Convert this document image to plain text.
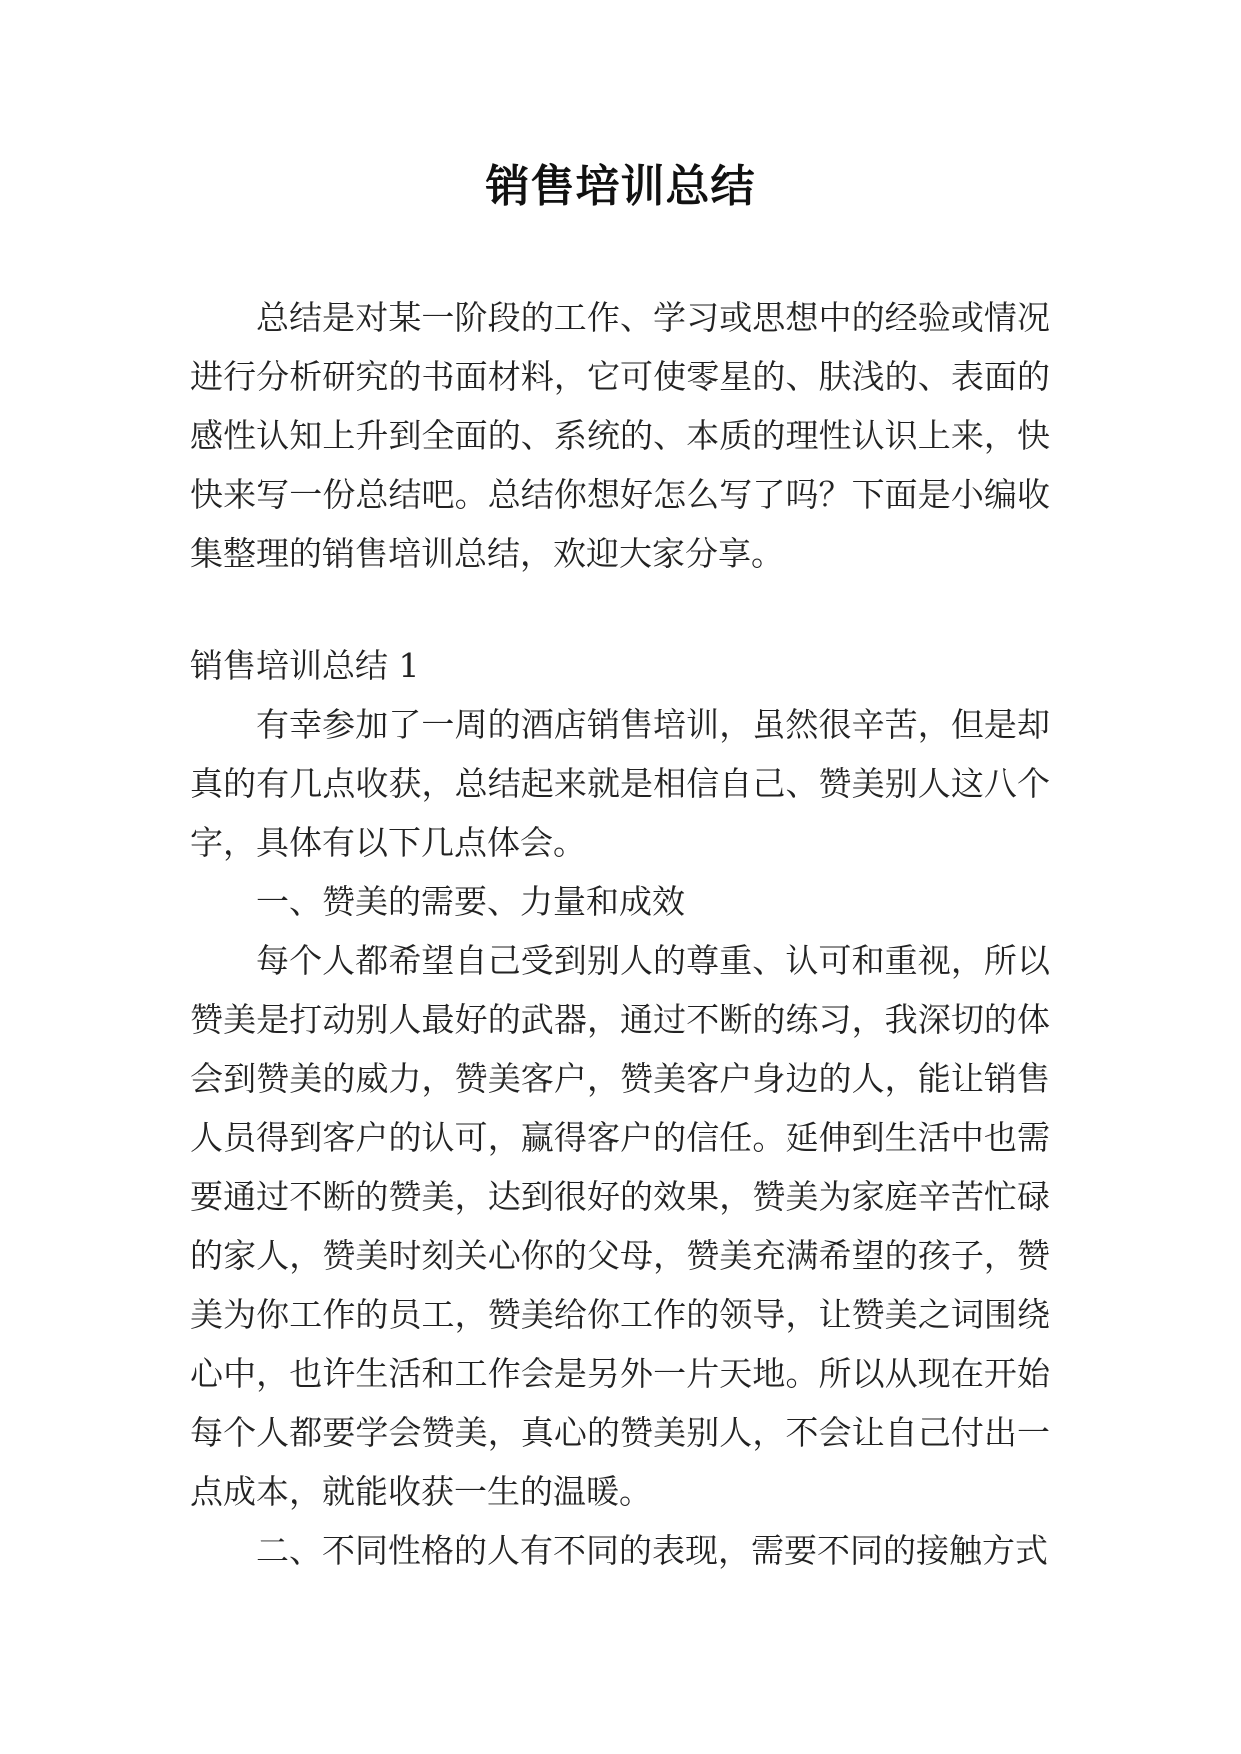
销售培训总结

总结是对某一阶段的工作、学习或思想中的经验或情况进行分析研究的书面材料，它可使零星的、肤浅的、表面的感性认知上升到全面的、系统的、本质的理性认识上来，快快来写一份总结吧。总结你想好怎么写了吗？下面是小编收集整理的销售培训总结，欢迎大家分享。

销售培训总结 1

有幸参加了一周的酒店销售培训，虽然很辛苦，但是却真的有几点收获，总结起来就是相信自己、赞美别人这八个字，具体有以下几点体会。

一、赞美的需要、力量和成效

每个人都希望自己受到别人的尊重、认可和重视，所以赞美是打动别人最好的武器，通过不断的练习，我深切的体会到赞美的威力，赞美客户，赞美客户身边的人，能让销售人员得到客户的认可，赢得客户的信任。延伸到生活中也需要通过不断的赞美，达到很好的效果，赞美为家庭辛苦忙碌的家人，赞美时刻关心你的父母，赞美充满希望的孩子，赞美为你工作的员工，赞美给你工作的领导，让赞美之词围绕心中，也许生活和工作会是另外一片天地。所以从现在开始每个人都要学会赞美，真心的赞美别人，不会让自己付出一点成本，就能收获一生的温暖。

二、不同性格的人有不同的表现，需要不同的接触方式
